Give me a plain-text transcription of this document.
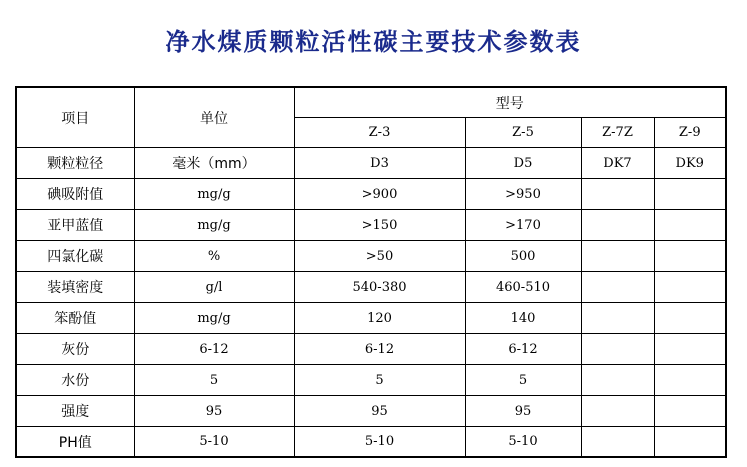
净水煤质颗粒活性碳主要技术参数表
项目	单位	型号			
		Z-3	Z-5	Z-7Z	Z-9
颗粒粒径	毫米（mm）	D3	D5	DK7	DK9
碘吸附值	mg/g	>900	>950		
亚甲蓝值	mg/g	>150	>170		
四氯化碳	%	>50	500		
装填密度	g/l	540-380	460-510		
笨酚值	mg/g	120	140		
灰份	6-12	6-12	6-12		
水份	5	5	5		
强度	95	95	95		
PH值	5-10	5-10	5-10		
